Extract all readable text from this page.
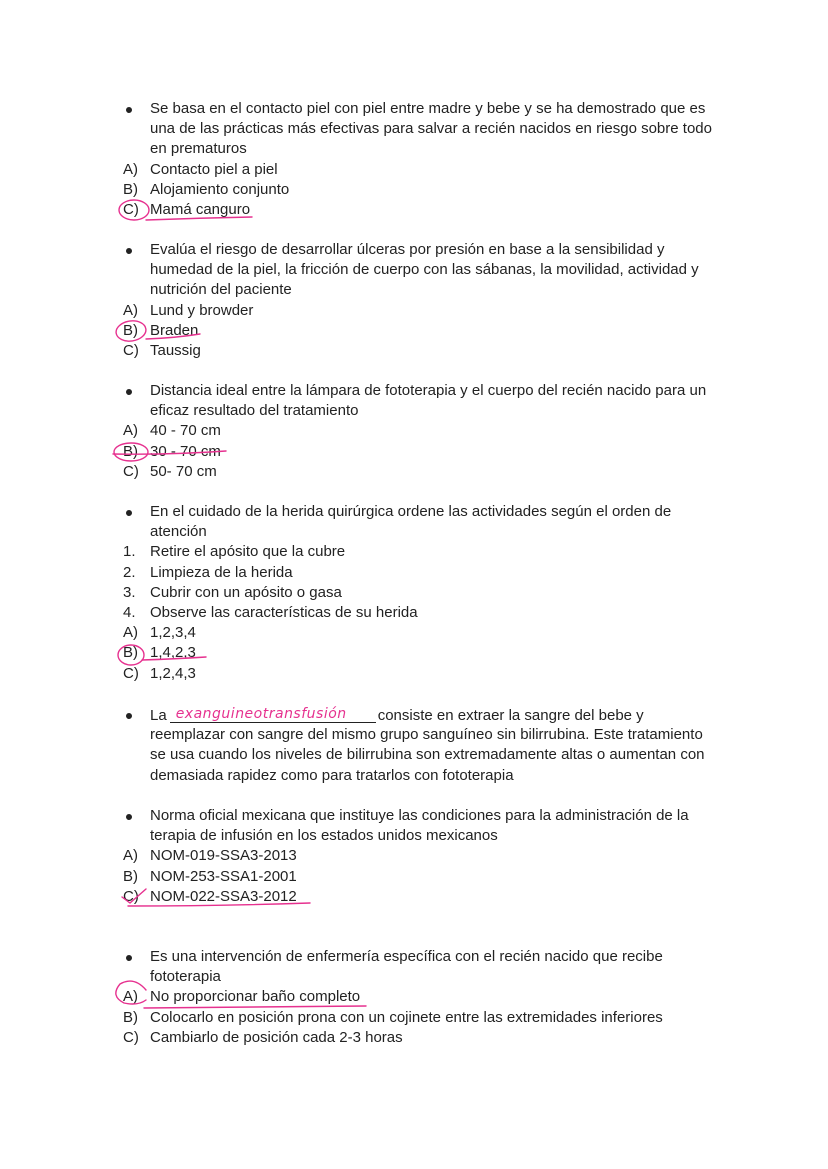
Se basa en el contacto piel con piel entre madre y bebe y se ha demostrado que es
una de las prácticas más efectivas para salvar a recién nacidos en riesgo sobre todo
en prematuros
A) Contacto piel a piel
B) Alojamiento conjunto
C) Mamá canguro
Evalúa el riesgo de desarrollar úlceras por presión en base a la sensibilidad y
humedad de la piel, la fricción de cuerpo con las sábanas, la movilidad, actividad y
nutrición del paciente
A) Lund y browder
B) Braden
C) Taussig
Distancia ideal entre la lámpara de fototerapia y el cuerpo del recién nacido para un
eficaz resultado del tratamiento
A) 40 - 70 cm
B) 30 - 70 cm
C) 50- 70 cm
En el cuidado de la herida quirúrgica ordene las actividades según el orden de
atención
1. Retire el apósito que la cubre
2. Limpieza de la herida
3. Cubrir con un apósito o gasa
4. Observe las características de su herida
A) 1,2,3,4
B) 1,4,2,3
C) 1,2,4,3
La exanguineotransfusión consiste en extraer la sangre del bebe y
reemplazar con sangre del mismo grupo sanguíneo sin bilirrubina. Este tratamiento
se usa cuando los niveles de bilirrubina son extremadamente altas o aumentan con
demasiada rapidez como para tratarlos con fototerapia
Norma oficial mexicana que instituye las condiciones para la administración de la
terapia de infusión en los estados unidos mexicanos
A) NOM-019-SSA3-2013
B) NOM-253-SSA1-2001
C) NOM-022-SSA3-2012
Es una intervención de enfermería específica con el recién nacido que recibe
fototerapia
A) No proporcionar baño completo
B) Colocarlo en posición prona con un cojinete entre las extremidades inferiores
C) Cambiarlo de posición cada 2-3 horas
